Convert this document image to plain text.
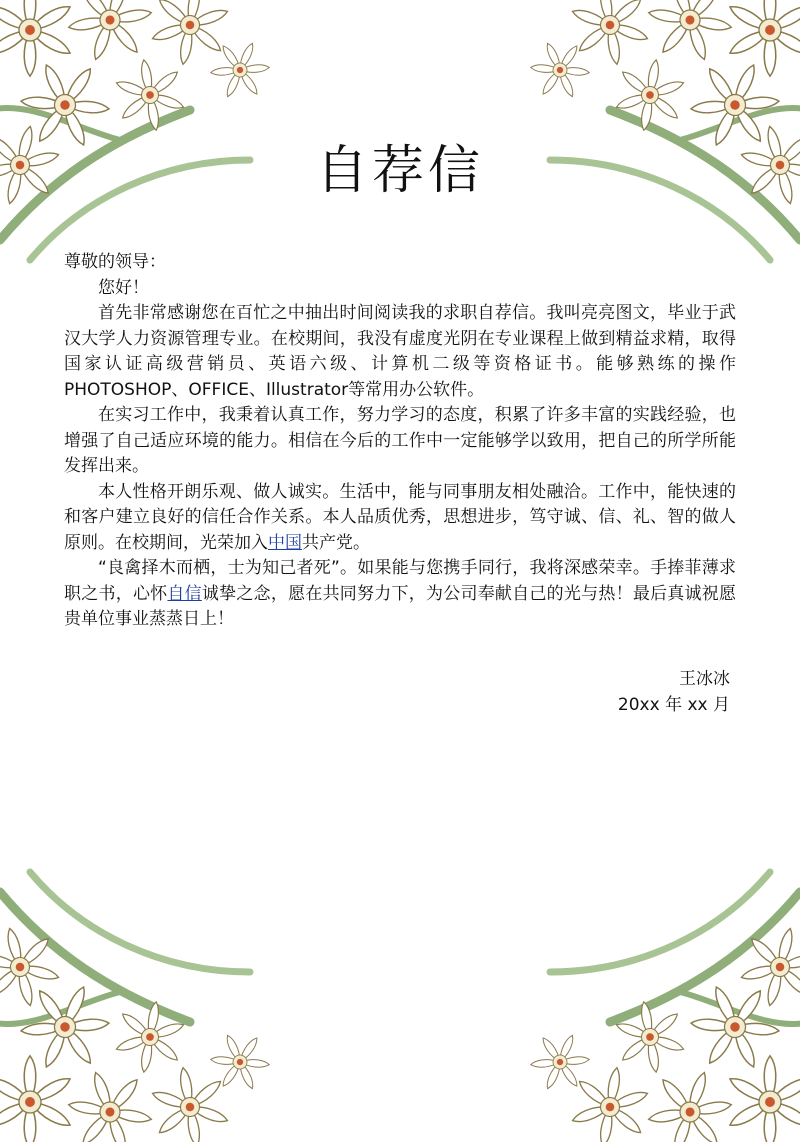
自荐信

尊敬的领导：

您好！

首先非常感谢您在百忙之中抽出时间阅读我的求职自荐信。我叫亮亮图文，毕业于武汉大学人力资源管理专业。在校期间，我没有虚度光阴在专业课程上做到精益求精，取得国家认证高级营销员、英语六级、计算机二级等资格证书。能够熟练的操作PHOTOSHOP、OFFICE、Illustrator等常用办公软件。

在实习工作中，我秉着认真工作，努力学习的态度，积累了许多丰富的实践经验，也增强了自己适应环境的能力。相信在今后的工作中一定能够学以致用，把自己的所学所能发挥出来。

本人性格开朗乐观、做人诚实。生活中，能与同事朋友相处融洽。工作中，能快速的和客户建立良好的信任合作关系。本人品质优秀，思想进步，笃守诚、信、礼、智的做人原则。在校期间，光荣加入中国共产党。

“良禽择木而栖，士为知己者死”。如果能与您携手同行，我将深感荣幸。手捧菲薄求职之书，心怀自信诚挚之念，愿在共同努力下，为公司奉献自己的光与热！最后真诚祝愿贵单位事业蒸蒸日上！

王冰冰
20xx 年 xx 月
